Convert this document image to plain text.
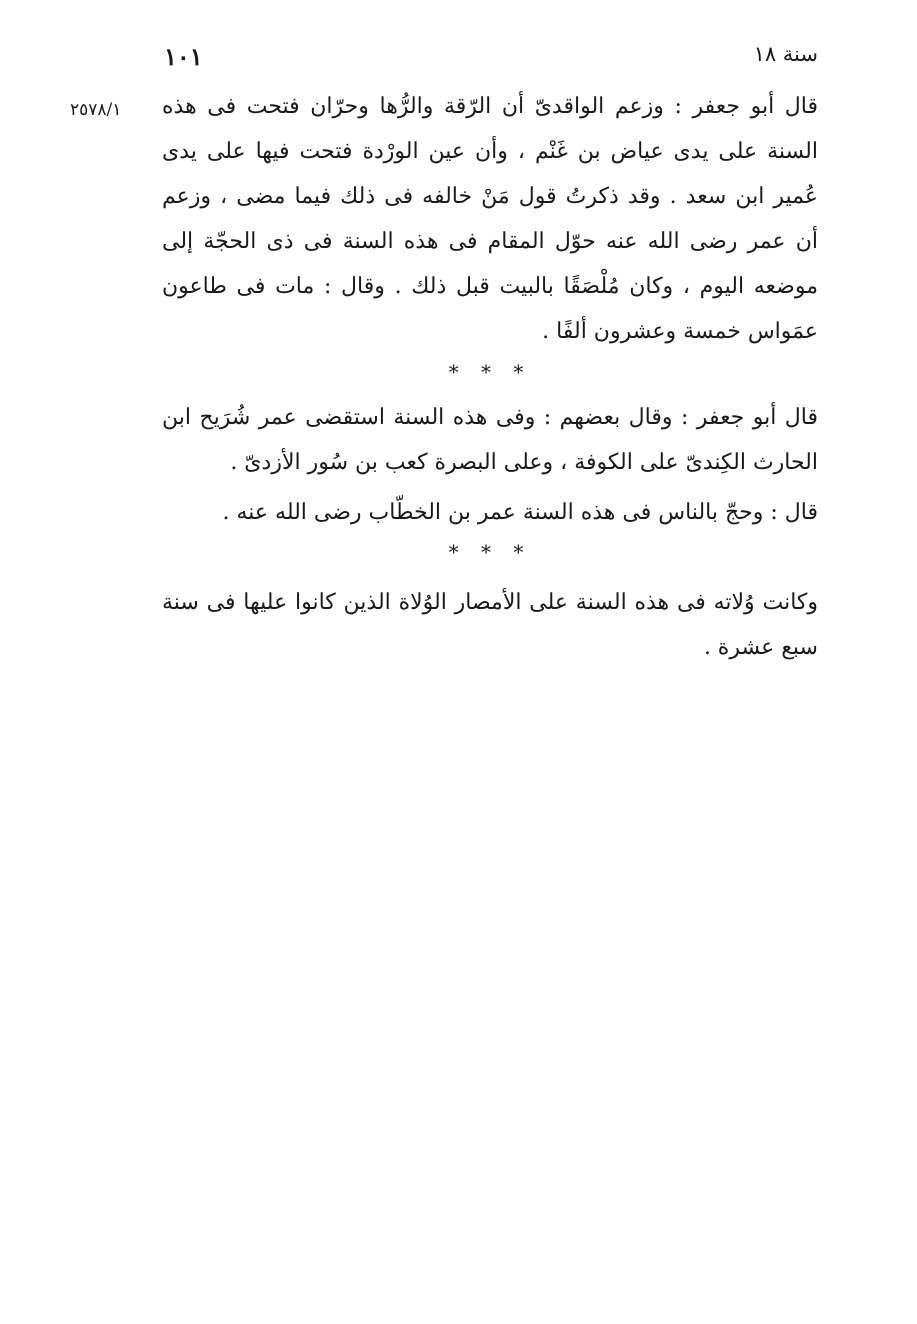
سنة ١٨
١٠١
٢٥٧٨/١	قال أبو جعفر : وزعم الواقدىّ أن الرّقة والرُّها وحرّان فتحت فى هذه السنة على يدى عياض بن غَنْم ، وأن عين الورْدة فتحت فيها على يدى عُمير ابن سعد . وقد ذكرتُ قول مَنْ خالفه فى ذلك فيما مضى ، وزعم أن عمر رضى الله عنه حوّل المقام فى هذه السنة فى ذى الحجّة إلى موضعه اليوم ، وكان مُلْصَقًا بالبيت قبل ذلك . وقال : مات فى طاعون عمَواس خمسة وعشرون ألفًا .

* * *

قال أبو جعفر : وقال بعضهم : وفى هذه السنة استقضى عمر شُرَيح ابن الحارث الكِندىّ على الكوفة ، وعلى البصرة كعب بن سُور الأزدىّ .

قال : وحجّ بالناس فى هذه السنة عمر بن الخطّاب رضى الله عنه .

* * *

وكانت وُلاته فى هذه السنة على الأمصار الوُلاة الذين كانوا عليها فى سنة سبع عشرة .
